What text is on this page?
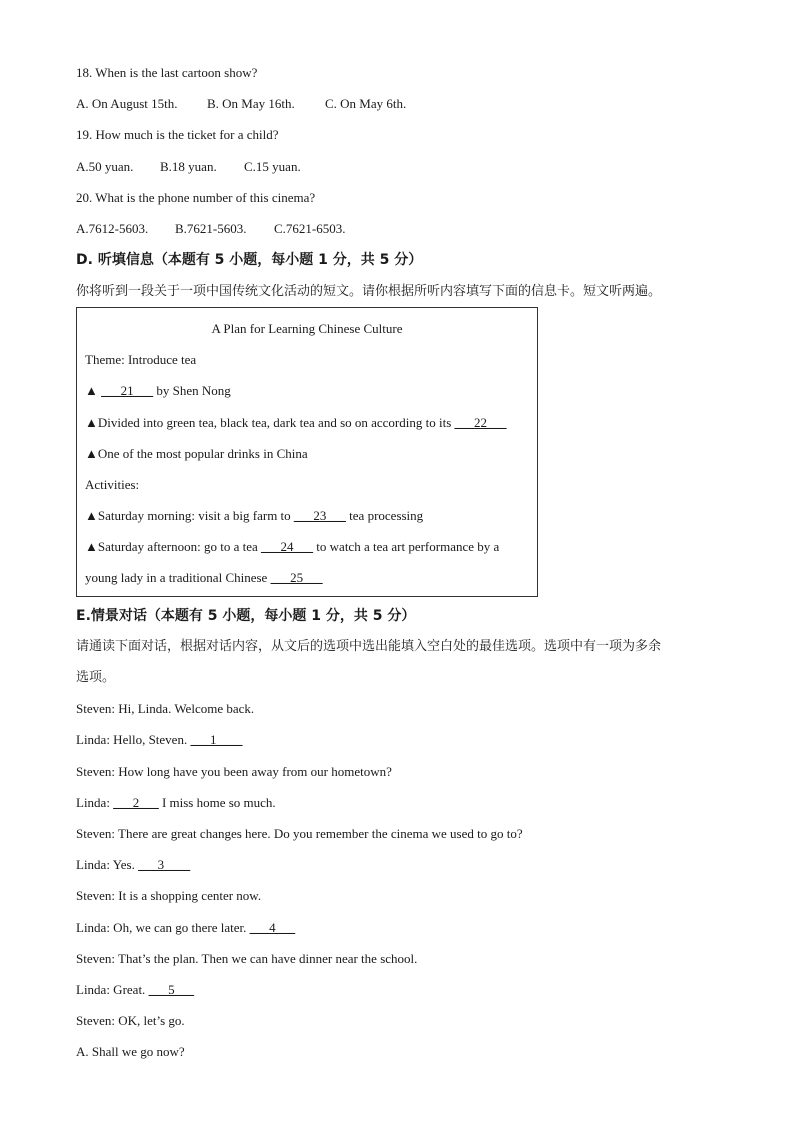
18. When is the last cartoon show?
A. On August 15th. B. On May 16th. C. On May 6th.
19. How much is the ticket for a child?
A.50 yuan. B.18 yuan. C.15 yuan.
20. What is the phone number of this cinema?
A.7612-5603. B.7621-5603. C.7621-6503.
D. 听填信息（本题有 5 小题，每小题 1 分，共 5 分）
你将听到一段关于一项中国传统文化活动的短文。请你根据所听内容填写下面的信息卡。短文听两遍。
A Plan for Learning Chinese Culture
Theme: Introduce tea
▲ ___21___ by Shen Nong
▲Divided into green tea, black tea, dark tea and so on according to its ___22___
▲One of the most popular drinks in China
Activities:
▲Saturday morning: visit a big farm to ___23___ tea processing
▲Saturday afternoon: go to a tea ___24___ to watch a tea art performance by a
young lady in a traditional Chinese ___25___
E.情景对话（本题有 5 小题，每小题 1 分，共 5 分）
请通读下面对话，根据对话内容，从文后的选项中选出能填入空白处的最佳选项。选项中有一项为多余
选项。
Steven: Hi, Linda. Welcome back.
Linda: Hello, Steven. ___1____
Steven: How long have you been away from our hometown?
Linda: ___2___ I miss home so much.
Steven: There are great changes here. Do you remember the cinema we used to go to?
Linda: Yes. ___3____
Steven: It is a shopping center now.
Linda: Oh, we can go there later. ___4___
Steven: That’s the plan. Then we can have dinner near the school.
Linda: Great. ___5___
Steven: OK, let’s go.
A. Shall we go now?
